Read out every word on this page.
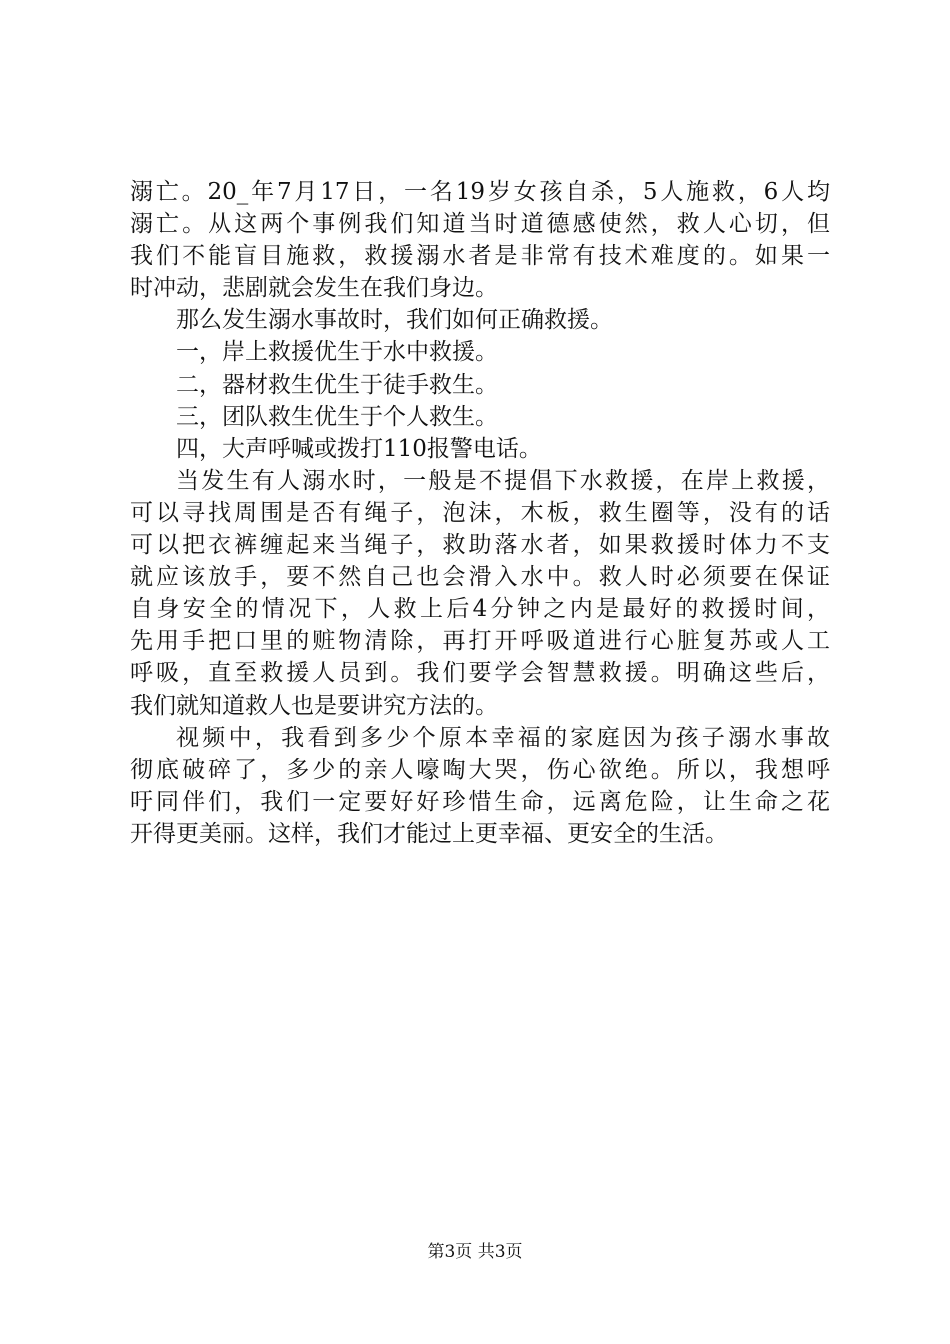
溺亡。20_年7月17日，一名19岁女孩自杀，5人施救，6人均
溺亡。从这两个事例我们知道当时道德感使然，救人心切，但
我们不能盲目施救，救援溺水者是非常有技术难度的。如果一
时冲动，悲剧就会发生在我们身边。
那么发生溺水事故时，我们如何正确救援。
一，岸上救援优生于水中救援。
二，器材救生优生于徒手救生。
三，团队救生优生于个人救生。
四，大声呼喊或拨打110报警电话。
当发生有人溺水时，一般是不提倡下水救援，在岸上救援，
可以寻找周围是否有绳子，泡沫，木板，救生圈等，没有的话
可以把衣裤缠起来当绳子，救助落水者，如果救援时体力不支
就应该放手，要不然自己也会滑入水中。救人时必须要在保证
自身安全的情况下，人救上后4分钟之内是最好的救援时间，
先用手把口里的赃物清除，再打开呼吸道进行心脏复苏或人工
呼吸，直至救援人员到。我们要学会智慧救援。明确这些后，
我们就知道救人也是要讲究方法的。
视频中，我看到多少个原本幸福的家庭因为孩子溺水事故
彻底破碎了，多少的亲人嚎啕大哭，伤心欲绝。所以，我想呼
吁同伴们，我们一定要好好珍惜生命，远离危险，让生命之花
开得更美丽。这样，我们才能过上更幸福、更安全的生活。
第3页 共3页
